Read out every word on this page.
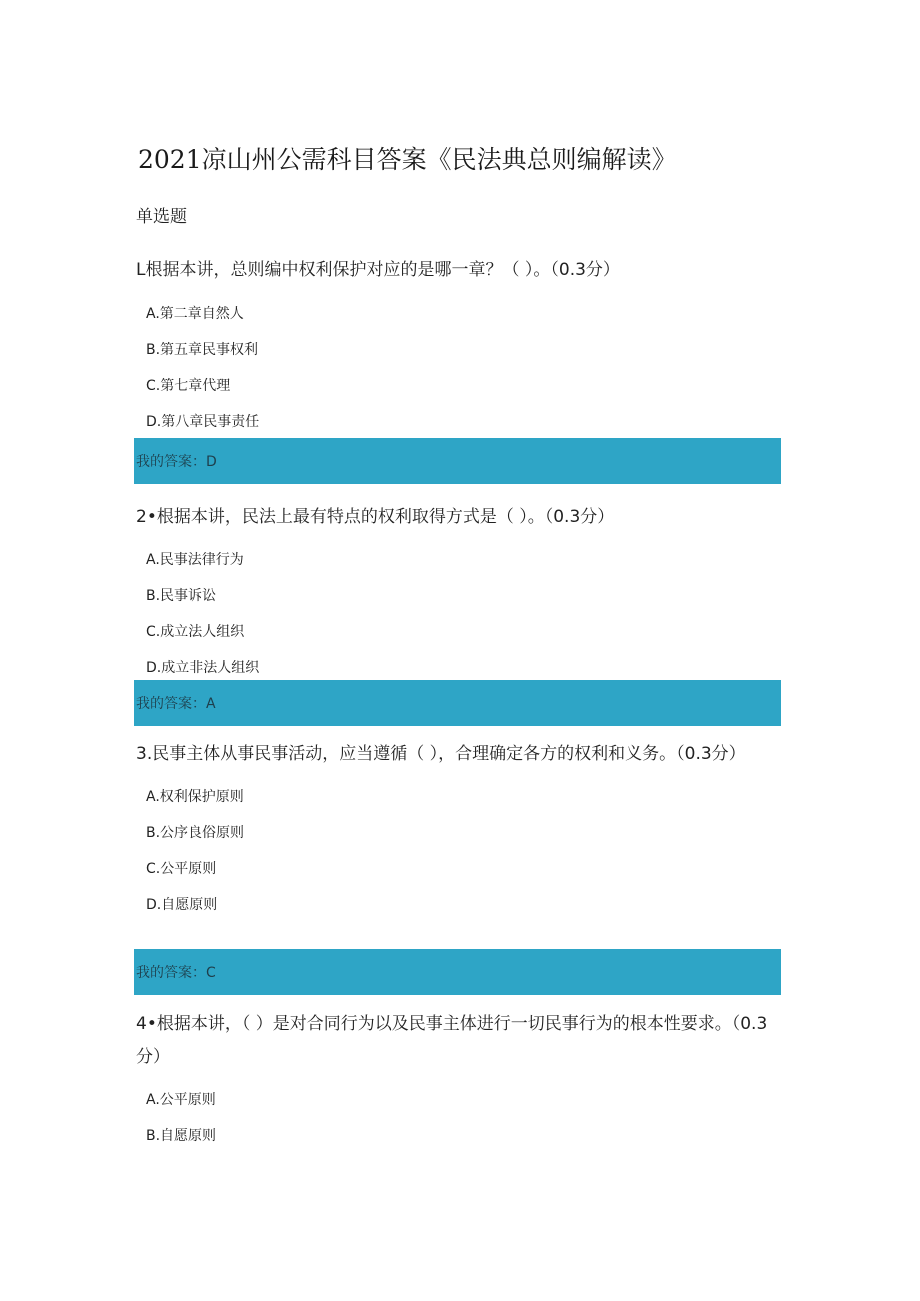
2021凉山州公需科目答案《民法典总则编解读》
单选题

L根据本讲，总则编中权利保护对应的是哪一章？（ ）。（0.3分）

A.第二章自然人
B.第五章民事权利
C.第七章代理
D.第八章民事责任
我的答案：D

2•根据本讲，民法上最有特点的权利取得方式是（ ）。（0.3分）

A.民事法律行为
B.民事诉讼
C.成立法人组织
D.成立非法人组织
我的答案：A

3.民事主体从事民事活动，应当遵循（ ），合理确定各方的权利和义务。（0.3分）

A.权利保护原则
B.公序良俗原则
C.公平原则
D.自愿原则
我的答案：C

4•根据本讲，（ ）是对合同行为以及民事主体进行一切民事行为的根本性要求。（0.3分）

A.公平原则
B.自愿原则
